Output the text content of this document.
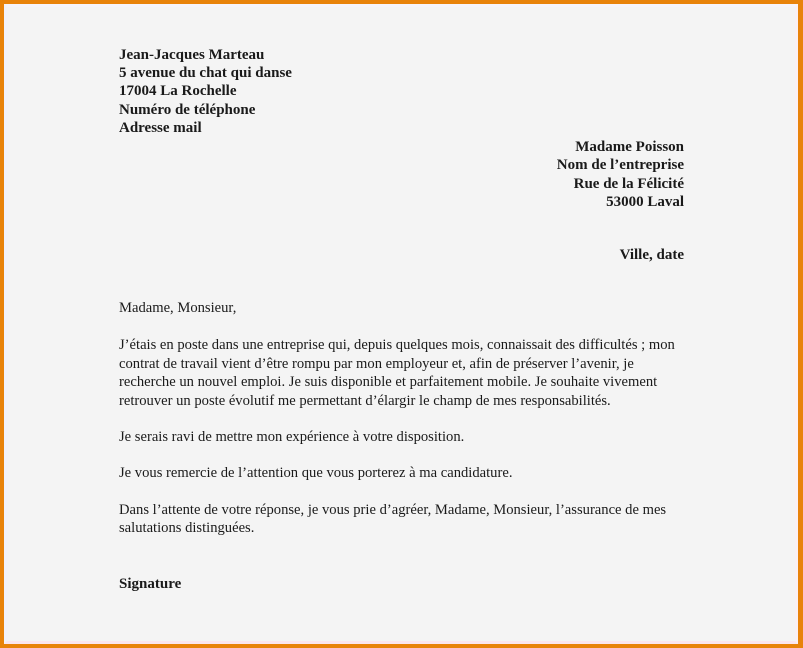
Jean-Jacques Marteau
5 avenue du chat qui danse
17004 La Rochelle
Numéro de téléphone
Adresse mail
Madame Poisson
Nom de l’entreprise
Rue de la Félicité
53000 Laval
Ville, date

Madame, Monsieur,

J’étais en poste dans une entreprise qui, depuis quelques mois, connaissait des difficultés ; mon contrat de travail vient d’être rompu par mon employeur et, afin de préserver l’avenir, je recherche un nouvel emploi. Je suis disponible et parfaitement mobile. Je souhaite vivement retrouver un poste évolutif me permettant d’élargir le champ de mes responsabilités.

Je serais ravi de mettre mon expérience à votre disposition.

Je vous remercie de l’attention que vous porterez à ma candidature.

Dans l’attente de votre réponse, je vous prie d’agréer, Madame, Monsieur, l’assurance de mes salutations distinguées.

Signature
